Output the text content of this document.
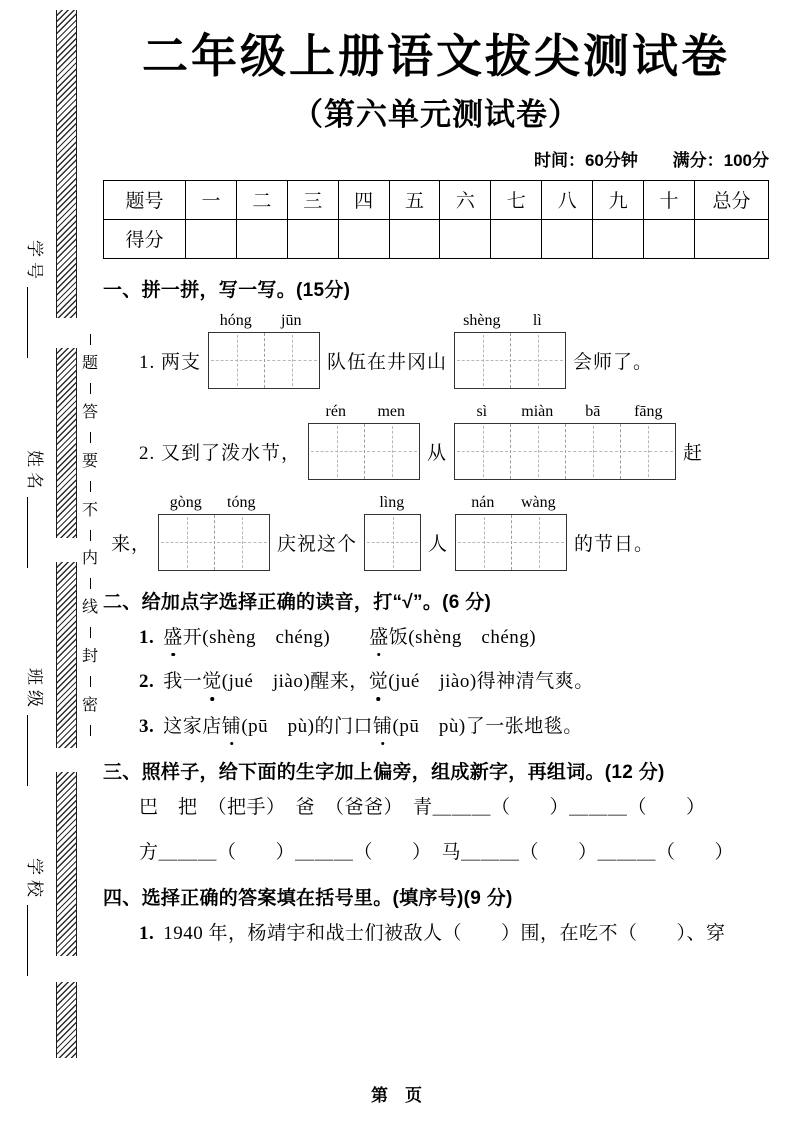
题
答
要
不
内
线
封
密
学号
姓名
班级
学校
二年级上册语文拔尖测试卷
（第六单元测试卷）
时间：60分钟 满分：100分
题号	一	二	三	四	五	六	七	八	九	十	总分
得分											
一、拼一拼，写一写。(15分)
1. 两支
hóng	jūn
队伍在井冈山
shèng	lì
会师了。
2. 又到了泼水节，
rén	men
从
sì	miàn	bā	fāng
赶
来，
gòng	tóng
庆祝这个
lìng
人
nán	wàng
的节日。
二、给加点字选择正确的读音，打“√”。(6 分)
1. 盛开(shèng　 chéng)　　 盛饭(shèng　 chéng)
2. 我一觉(jué　 jiào)醒来，觉(jué　 jiào)得神清气爽。
3. 这家店铺(pū　 pù)的门口铺(pū　 pù)了一张地毯。
三、照样子，给下面的生字加上偏旁，组成新字，再组词。(12 分)
巴　把　（把手）　爸　（爸爸）　青＿＿＿（　　）＿＿＿（　　）
方＿＿＿（　　）＿＿＿（　　）　马＿＿＿（　　）＿＿＿（　　）
四、选择正确的答案填在括号里。(填序号)(9 分)
1. 1940 年，杨靖宇和战士们被敌人（　　）围，在吃不（　　）、穿
第　页
